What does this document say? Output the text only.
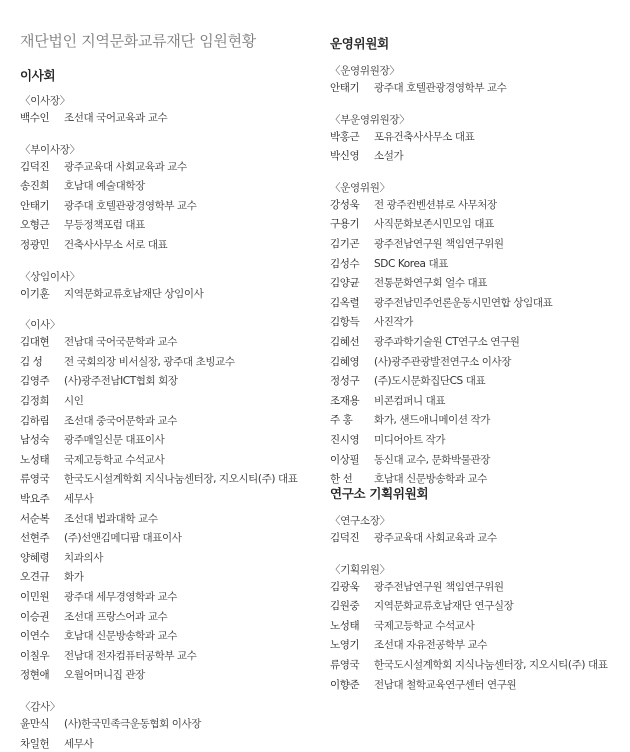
재단법인 지역문화교류재단 임원현황
이사회
〈이사장〉
백수인 조선대 국어교육과 교수
〈부이사장〉
김덕진 광주교육대 사회교육과 교수
송진희 호남대 예술대학장
안태기 광주대 호텔관광경영학부 교수
오형근 무등정책포럼 대표
정광민 건축사사무소 서로 대표
〈상임이사〉
이기훈 지역문화교류호남재단 상임이사
〈이사〉
김대현 전남대 국어국문학과 교수
김 성 전 국회의장 비서실장, 광주대 초빙교수
김영주 (사)광주전남ICT협회 회장
김정희 시인
김하림 조선대 중국어문학과 교수
남성숙 광주매일신문 대표이사
노성태 국제고등학교 수석교사
류영국 한국도시설계학회 지식나눔센터장, 지오시티(주) 대표
박요주 세무사
서순복 조선대 법과대학 교수
선현주 (주)선앤김메디팜 대표이사
양혜령 치과의사
오견규 화가
이민원 광주대 세무경영학과 교수
이승권 조선대 프랑스어과 교수
이연수 호남대 신문방송학과 교수
이칠우 전남대 전자컴퓨터공학부 교수
정현애 오월어머니집 관장
〈감사〉
윤만식 (사)한국민족극운동협회 이사장
차일헌 세무사
운영위원회
〈운영위원장〉
안태기 광주대 호텔관광경영학부 교수
〈부운영위원장〉
박홍근 포유건축사사무소 대표
박신영 소설가
〈운영위원〉
강성욱 전 광주컨벤션뷰로 사무처장
구용기 사직문화보존시민모임 대표
김기곤 광주전남연구원 책임연구위원
김성수 SDC Korea 대표
김양균 전통문화연구회 얼수 대표
김옥렬 광주전남민주언론운동시민연합 상임대표
김항득 사진작가
김혜선 광주과학기술원 CT연구소 연구원
김혜영 (사)광주관광발전연구소 이사장
정성구 (주)도시문화집단CS 대표
조재용 비콘컴퍼니 대표
주 홍 화가, 샌드애니메이션 작가
진시영 미디어아트 작가
이상필 동신대 교수, 문화박물관장
한 선 호남대 신문방송학과 교수
연구소 기획위원회
〈연구소장〉
김덕진 광주교육대 사회교육과 교수
〈기획위원〉
김광욱 광주전남연구원 책임연구위원
김원중 지역문화교류호남재단 연구실장
노성태 국제고등학교 수석교사
노영기 조선대 자유전공학부 교수
류영국 한국도시설계학회 지식나눔센터장, 지오시티(주) 대표
이향준 전남대 철학교육연구센터 연구원
